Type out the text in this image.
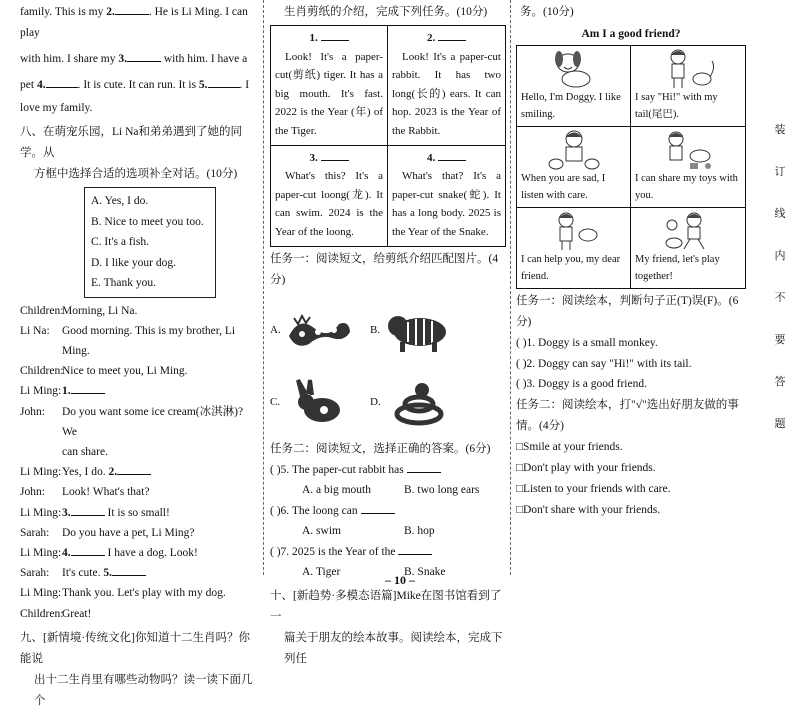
family. This is my 2.	. He is Li Ming. I can play

with him. I share my 3.	with him. I have a

pet 4.	. It is cute. It can run. It is 5.	. I

love my family.

八、在萌宠乐园，Li Na和弟弟遇到了她的同学。从

方框中选择合适的选项补全对话。(10分)

A. Yes, I do.
B. Nice to meet you too.
C. It's a fish.
D. I like your dog.
E. Thank you.
Children:
Morning, Li Na.
Li Na:	Good morning. This is my brother, Li Ming.
Children:
Nice to meet you, Li Ming.
Li Ming: 1.
John:	Do you want some ice cream(冰淇淋)? We
can share.
Li Ming: Yes, I do. 2.
John:	Look! What's that?
Li Ming: 3.	It is so small!
Sarah:	Do you have a pet, Li Ming?
Li Ming: 4.	I have a dog. Look!
Sarah:	It's cute. 5.
Li Ming: Thank you. Let's play with my dog.
Children:
Great!

九、[新情境·传统文化]你知道十二生肖吗？你能说

出十二生肖里有哪些动物吗？读一读下面几个

生肖剪纸的介绍，完成下列任务。(10分)

1.
Look! It's a paper-cut(剪纸) tiger. It has a big mouth. It's fast. 2022 is the Year (年) of the Tiger.
2.
Look! It's a paper-cut rabbit. It has two long(长的) ears. It can hop. 2023 is the Year of the Rabbit.
3.
What's this? It's a paper-cut loong(龙). It can swim. 2024 is the Year of the loong.
4.
What's that? It's a paper-cut snake(蛇). It has a long body. 2025 is the Year of the Snake.

任务一：阅读短文，给剪纸介绍匹配图片。(4分)

A.	B.
C.	D.

任务二：阅读短文，选择正确的答案。(6分)

( )5. The paper-cut rabbit has

A. a big mouth	B. two long ears

( )6. The loong can

A. swim	B. hop

( )7. 2025 is the Year of the

A. Tiger	B. Snake

十、[新趋势·多模态语篇]Mike在图书馆看到了一

篇关于朋友的绘本故事。阅读绘本，完成下列任

务。(10分)

Am I a good friend?

Hello, I'm Doggy. I like smiling.
I say "Hi!" with my tail(尾巴).
When you are sad, I listen with care.
I can share my toys with you.
I can help you, my dear friend.
My friend, let's play together!

任务一：阅读绘本，判断句子正(T)误(F)。(6分)

( )1. Doggy is a small monkey.

( )2. Doggy can say "Hi!" with its tail.

( )3. Doggy is a good friend.

任务二：阅读绘本，打"√"选出好朋友做的事情。(4分)

□Smile at your friends.

□Don't play with your friends.

□Listen to your friends with care.

□Don't share with your friends.

– 10 –
装
订
线
内
不
要
答
题
